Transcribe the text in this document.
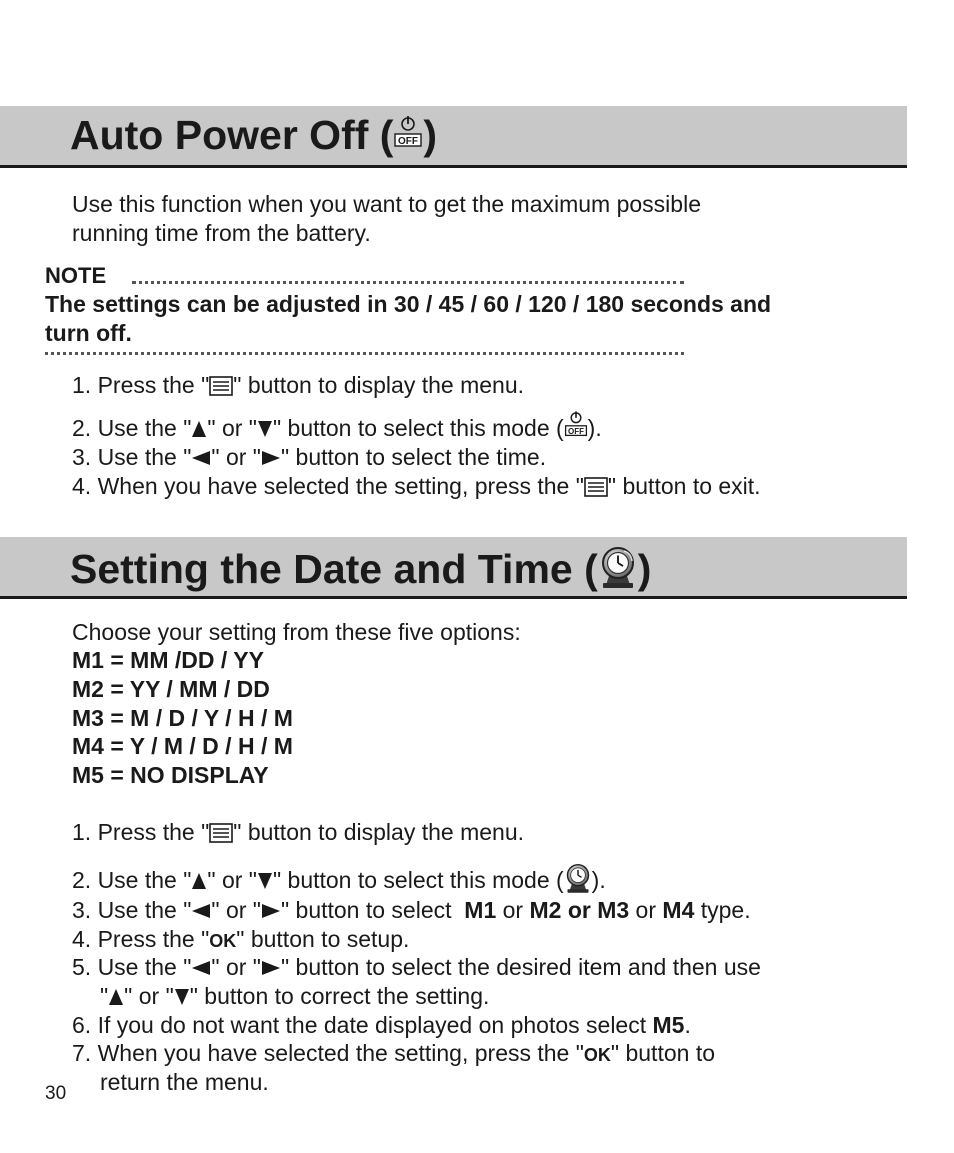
Auto Power Off ( OFF )
Use this function when you want to get the maximum possible
running time from the battery.
NOTE
The settings can be adjusted in 30 / 45 / 60 / 120 / 180 seconds and
turn off.
1. Press the " " button to display the menu.
2. Use the " " or " " button to select this mode ( OFF ).
3. Use the " " or " " button to select the time.
4. When you have selected the setting, press the " " button to exit.
Setting the Date and Time ( )
Choose your setting from these five options:
M1 = MM /DD / YY
M2 = YY / MM / DD
M3 = M / D / Y / H / M
M4 = Y / M / D / H / M
M5 = NO DISPLAY
1. Press the " " button to display the menu.
2. Use the " " or " " button to select this mode ( ).
3. Use the " " or " " button to select  M1 or M2 or M3 or M4 type.
4. Press the "OK" button to setup.
5. Use the " " or " " button to select the desired item and then use
" " or " " button to correct the setting.
6. If you do not want the date displayed on photos select M5.
7. When you have selected the setting, press the "OK" button to
return the menu.
30
